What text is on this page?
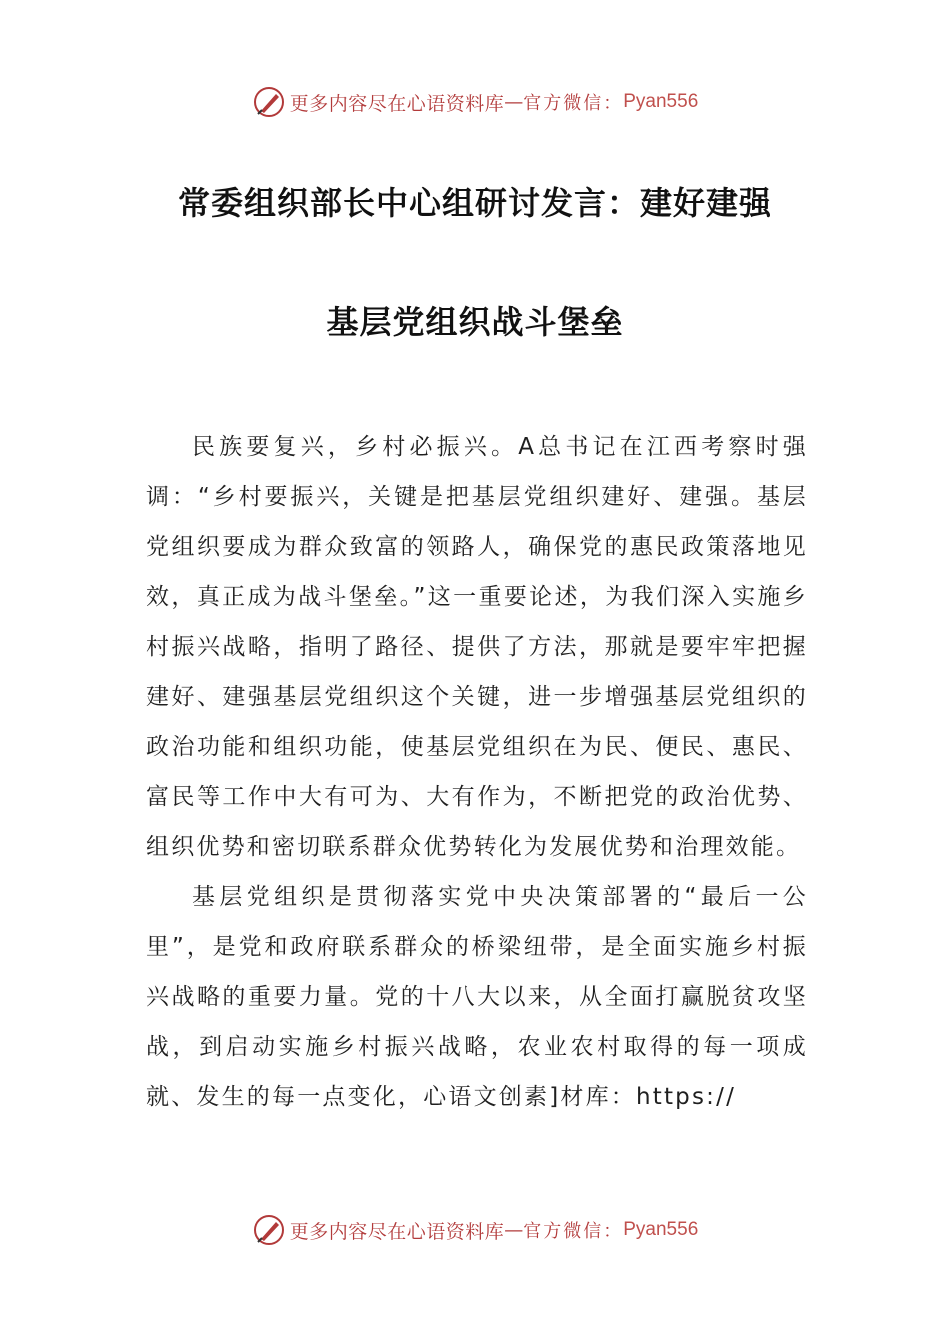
更多内容尽在心语资料库 — 官方微信： Pyan556
常委组织部长中心组研讨发言：建好建强
基层党组织战斗堡垒

民族要复兴，乡村必振兴。A总书记在江西考察时强调：“乡村要振兴，关键是把基层党组织建好、建强。基层党组织要成为群众致富的领路人，确保党的惠民政策落地见效，真正成为战斗堡垒。”这一重要论述，为我们深入实施乡村振兴战略，指明了路径、提供了方法，那就是要牢牢把握建好、建强基层党组织这个关键，进一步增强基层党组织的政治功能和组织功能，使基层党组织在为民、便民、惠民、富民等工作中大有可为、大有作为，不断把党的政治优势、组织优势和密切联系群众优势转化为发展优势和治理效能。

基层党组织是贯彻落实党中央决策部署的“最后一公里”，是党和政府联系群众的桥梁纽带，是全面实施乡村振兴战略的重要力量。党的十八大以来，从全面打赢脱贫攻坚战，到启动实施乡村振兴战略，农业农村取得的每一项成就、发生的每一点变化，心语文创素]材库：https://

更多内容尽在心语资料库 — 官方微信： Pyan556
